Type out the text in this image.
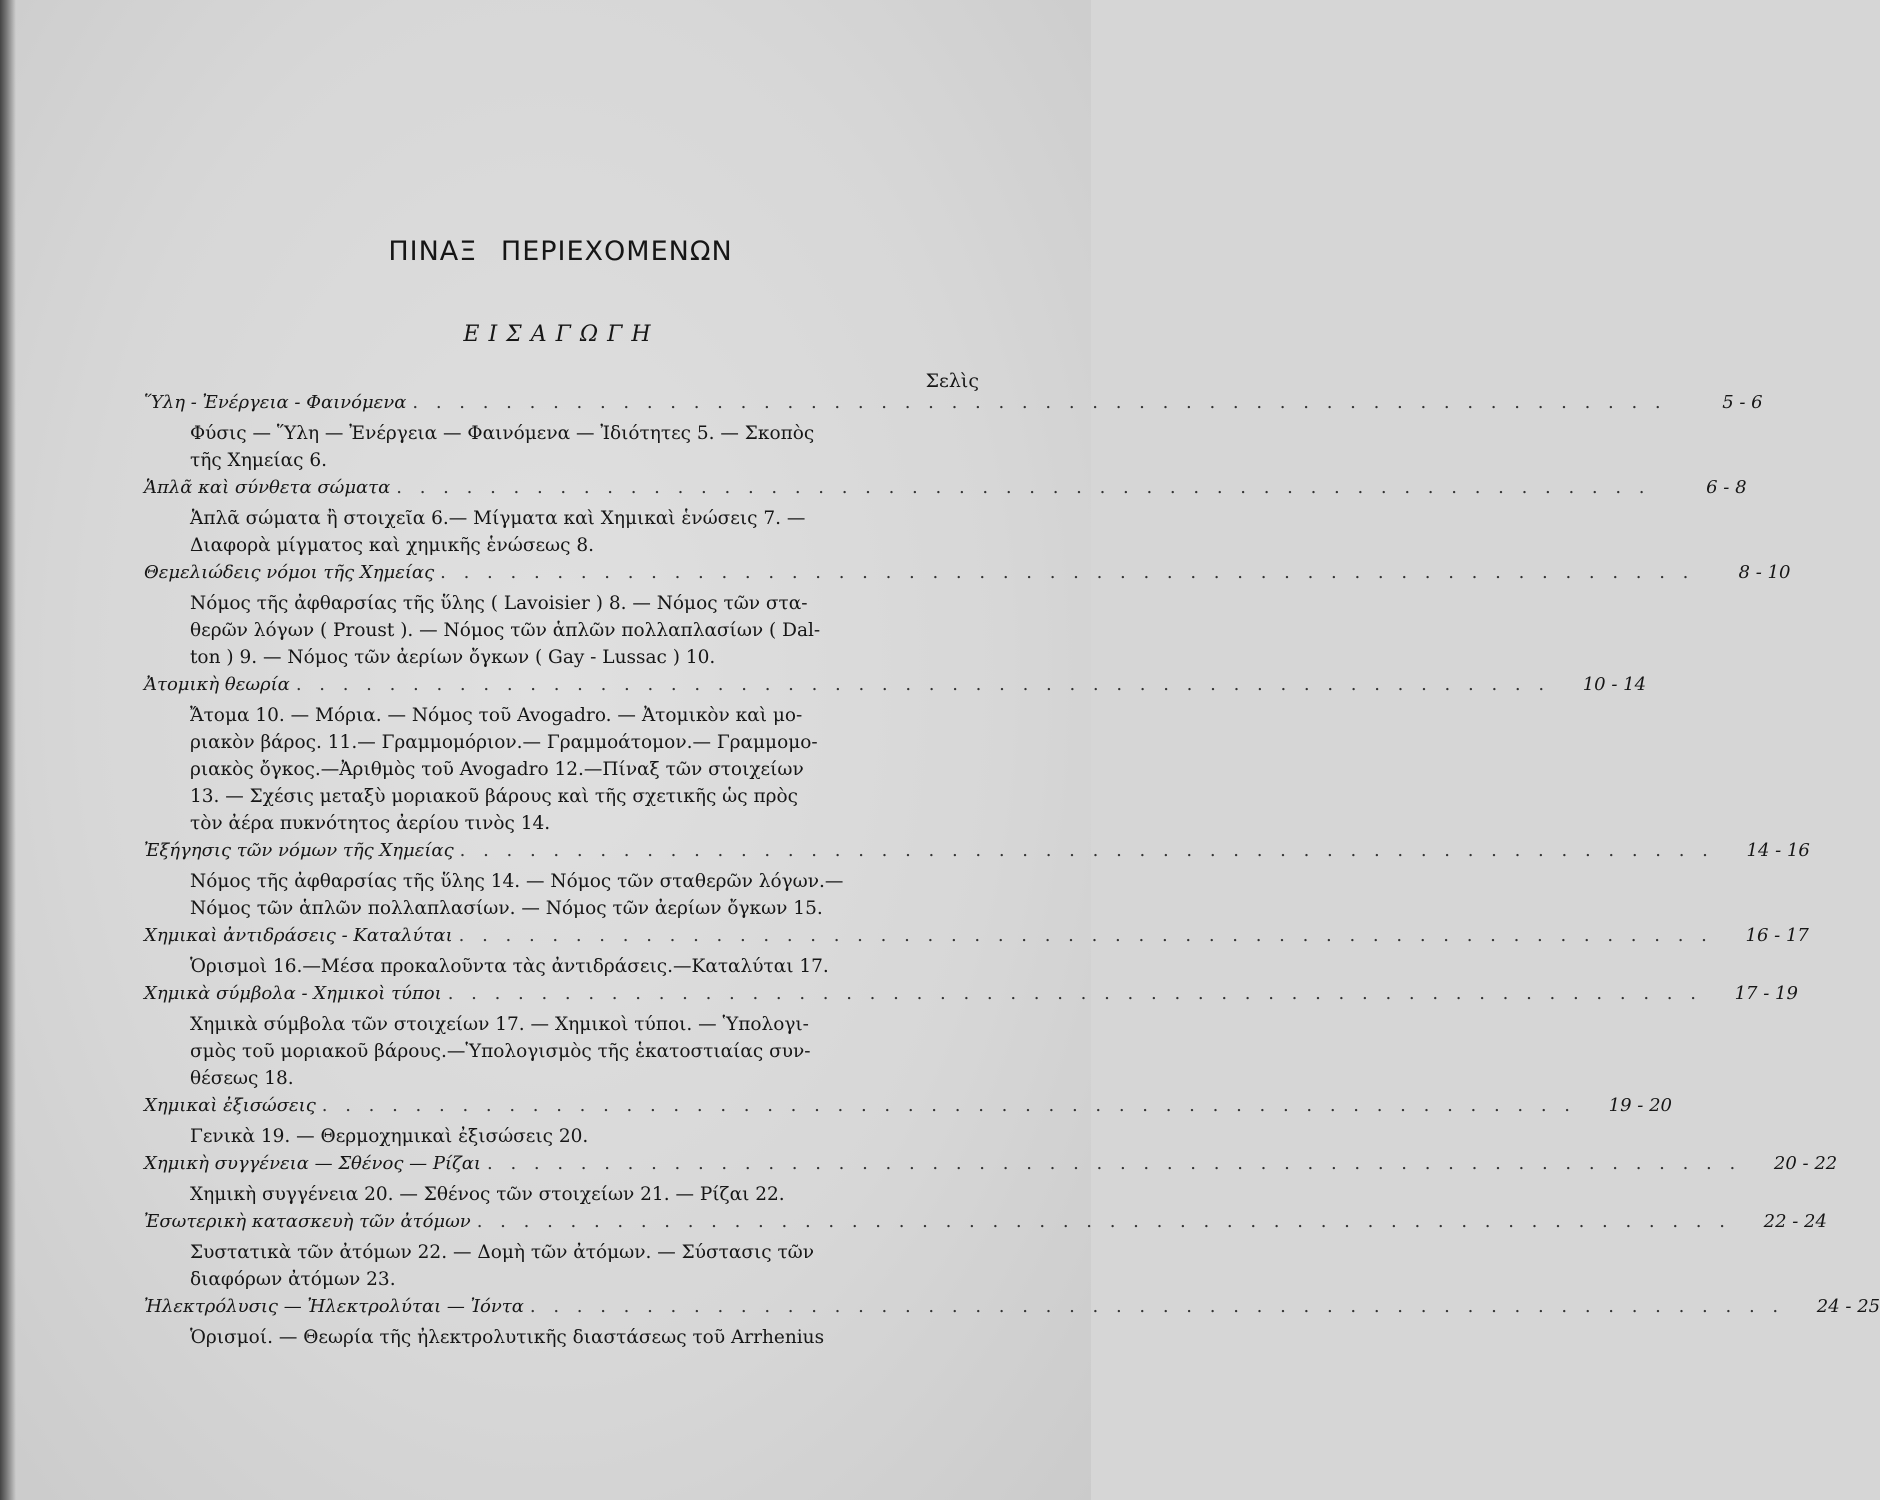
ΠΙΝΑΞ ΠΕΡΙΕΧΟΜΕΝΩΝ
ΕΙΣΑΓΩΓΗ
Σελὶς
Ὕλη - Ἐνέργεια - Φαινόμενα . . . . . . . . . . . . . . . . . . . . . . . . . . . . . . . . . . . . . . . . . . . . . . . . . . . . . .	5 - 6
Φύσις — Ὕλη — Ἐνέργεια — Φαινόμενα — Ἰδιότητες 5. — Σκοπὸς
τῆς Χημείας 6.
Ἁπλᾶ καὶ σύνθετα σώματα . . . . . . . . . . . . . . . . . . . . . . . . . . . . . . . . . . . . . . . . . . . . . . . . . . . . . .	6 - 8
Ἁπλᾶ σώματα ἢ στοιχεῖα 6.— Μίγματα καὶ Χημικαὶ ἑνώσεις 7. —
Διαφορὰ μίγματος καὶ χημικῆς ἑνώσεως 8.
Θεμελιώδεις νόμοι τῆς Χημείας . . . . . . . . . . . . . . . . . . . . . . . . . . . . . . . . . . . . . . . . . . . . . . . . . . . . . .	8 - 10
Νόμος τῆς ἀφθαρσίας τῆς ὕλης ( Lavoisier ) 8. — Νόμος τῶν στα-
θερῶν λόγων ( Proust ). — Νόμος τῶν ἁπλῶν πολλαπλασίων ( Dal-
ton ) 9. — Νόμος τῶν ἀερίων ὄγκων ( Gay - Lussac ) 10.
Ἀτομικὴ θεωρία . . . . . . . . . . . . . . . . . . . . . . . . . . . . . . . . . . . . . . . . . . . . . . . . . . . . . .	10 - 14
Ἄτομα 10. — Μόρια. — Νόμος τοῦ Avogadro. — Ἀτομικὸν καὶ μο-
ριακὸν βάρος. 11.— Γραμμομόριον.— Γραμμοάτομον.— Γραμμομο-
ριακὸς ὄγκος.—Ἀριθμὸς τοῦ Avogadro 12.—Πίναξ τῶν στοιχείων
13. — Σχέσις μεταξὺ μοριακοῦ βάρους καὶ τῆς σχετικῆς ὡς πρὸς
τὸν ἀέρα πυκνότητος ἀερίου τινὸς 14.
Ἐξήγησις τῶν νόμων τῆς Χημείας . . . . . . . . . . . . . . . . . . . . . . . . . . . . . . . . . . . . . . . . . . . . . . . . . . . . . .	14 - 16
Νόμος τῆς ἀφθαρσίας τῆς ὕλης 14. — Νόμος τῶν σταθερῶν λόγων.—
Νόμος τῶν ἁπλῶν πολλαπλασίων. — Νόμος τῶν ἀερίων ὄγκων 15.
Χημικαὶ ἀντιδράσεις - Καταλύται . . . . . . . . . . . . . . . . . . . . . . . . . . . . . . . . . . . . . . . . . . . . . . . . . . . . . .	16 - 17
Ὁρισμοὶ 16.—Μέσα προκαλοῦντα τὰς ἀντιδράσεις.—Καταλύται 17.
Χημικὰ σύμβολα - Χημικοὶ τύποι . . . . . . . . . . . . . . . . . . . . . . . . . . . . . . . . . . . . . . . . . . . . . . . . . . . . . .	17 - 19
Χημικὰ σύμβολα τῶν στοιχείων 17. — Χημικοὶ τύποι. — Ὑπολογι-
σμὸς τοῦ μοριακοῦ βάρους.—Ὑπολογισμὸς τῆς ἑκατοστιαίας συν-
θέσεως 18.
Χημικαὶ ἐξισώσεις . . . . . . . . . . . . . . . . . . . . . . . . . . . . . . . . . . . . . . . . . . . . . . . . . . . . . .	19 - 20
Γενικὰ 19. — Θερμοχημικαὶ ἐξισώσεις 20.
Χημικὴ συγγένεια — Σθένος — Ρίζαι . . . . . . . . . . . . . . . . . . . . . . . . . . . . . . . . . . . . . . . . . . . . . . . . . . . . . .	20 - 22
Χημικὴ συγγένεια 20. — Σθένος τῶν στοιχείων 21. — Ρίζαι 22.
Ἐσωτερικὴ κατασκευὴ τῶν ἀτόμων . . . . . . . . . . . . . . . . . . . . . . . . . . . . . . . . . . . . . . . . . . . . . . . . . . . . . .	22 - 24
Συστατικὰ τῶν ἀτόμων 22. — Δομὴ τῶν ἀτόμων. — Σύστασις τῶν
διαφόρων ἀτόμων 23.
Ἠλεκτρόλυσις — Ἠλεκτρολύται — Ἰόντα . . . . . . . . . . . . . . . . . . . . . . . . . . . . . . . . . . . . . . . . . . . . . . . . . . . . . .	24 - 25
Ὁρισμοί. — Θεωρία τῆς ἠλεκτρολυτικῆς διαστάσεως τοῦ Arrhenius
